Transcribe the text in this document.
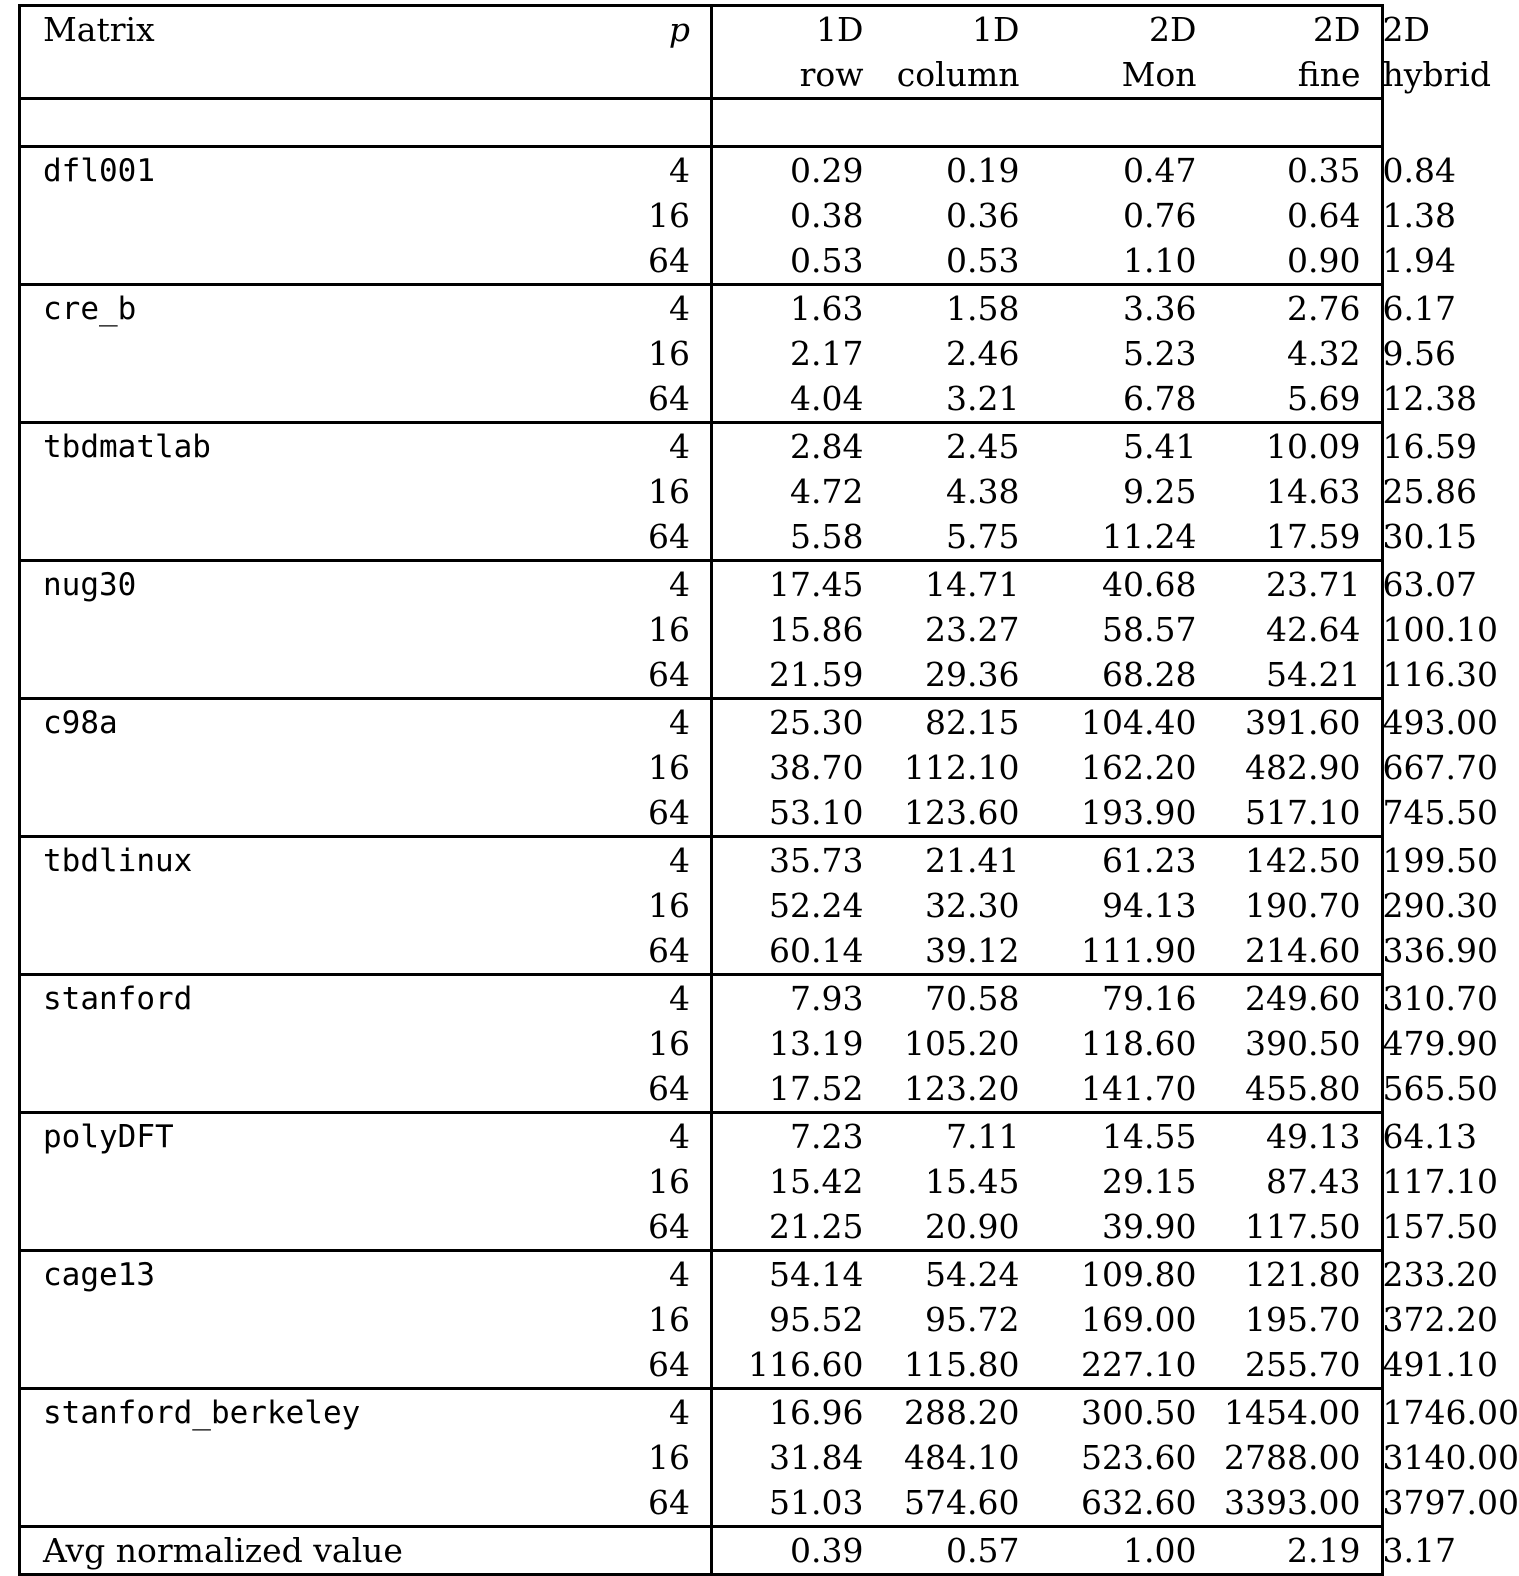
Matrix	p	1D	1D	2D	2D	2D
		row	column	Mon	fine	hybrid

dfl001	4	0.29	0.19	0.47	0.35	0.84
	16	0.38	0.36	0.76	0.64	1.38
	64	0.53	0.53	1.10	0.90	1.94
cre_b	4	1.63	1.58	3.36	2.76	6.17
	16	2.17	2.46	5.23	4.32	9.56
	64	4.04	3.21	6.78	5.69	12.38
tbdmatlab	4	2.84	2.45	5.41	10.09	16.59
	16	4.72	4.38	9.25	14.63	25.86
	64	5.58	5.75	11.24	17.59	30.15
nug30	4	17.45	14.71	40.68	23.71	63.07
	16	15.86	23.27	58.57	42.64	100.10
	64	21.59	29.36	68.28	54.21	116.30
c98a	4	25.30	82.15	104.40	391.60	493.00
	16	38.70	112.10	162.20	482.90	667.70
	64	53.10	123.60	193.90	517.10	745.50
tbdlinux	4	35.73	21.41	61.23	142.50	199.50
	16	52.24	32.30	94.13	190.70	290.30
	64	60.14	39.12	111.90	214.60	336.90
stanford	4	7.93	70.58	79.16	249.60	310.70
	16	13.19	105.20	118.60	390.50	479.90
	64	17.52	123.20	141.70	455.80	565.50
polyDFT	4	7.23	7.11	14.55	49.13	64.13
	16	15.42	15.45	29.15	87.43	117.10
	64	21.25	20.90	39.90	117.50	157.50
cage13	4	54.14	54.24	109.80	121.80	233.20
	16	95.52	95.72	169.00	195.70	372.20
	64	116.60	115.80	227.10	255.70	491.10
stanford_berkeley	4	16.96	288.20	300.50	1454.00	1746.00
	16	31.84	484.10	523.60	2788.00	3140.00
	64	51.03	574.60	632.60	3393.00	3797.00
Avg normalized value		0.39	0.57	1.00	2.19	3.17
